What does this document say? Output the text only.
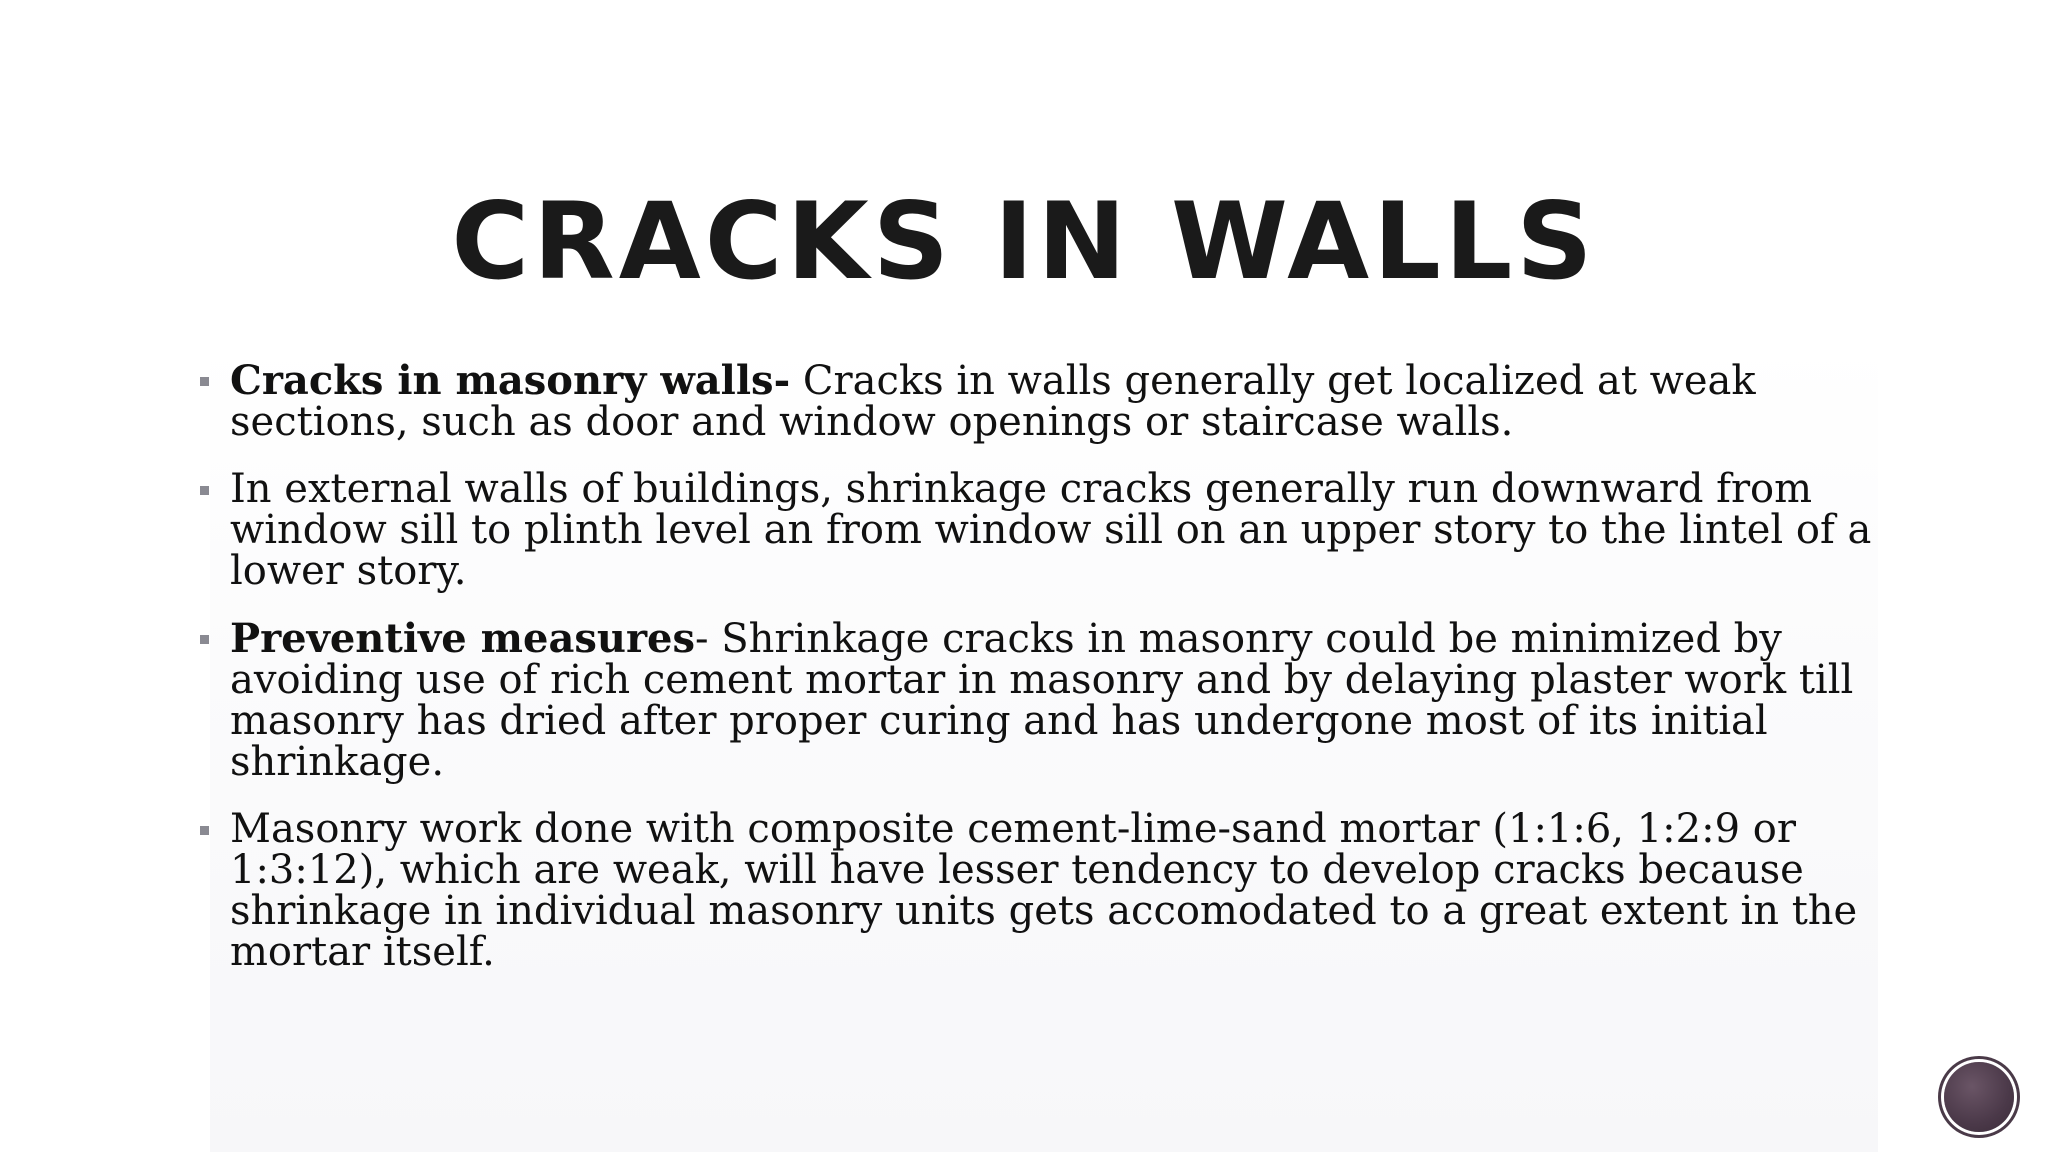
CRACKS IN WALLS
Cracks in masonry walls- Cracks in walls generally get localized at weak sections, such as door and window openings or staircase walls.
In external walls of buildings, shrinkage cracks generally run downward from window sill to plinth level an from window sill on an upper story to the lintel of a lower story.
Preventive measures- Shrinkage cracks in masonry could be minimized by avoiding use of rich cement mortar in masonry and by delaying plaster work till masonry has dried after proper curing and has undergone most of its initial shrinkage.
Masonry work done with composite cement-lime-sand mortar (1:1:6, 1:2:9 or 1:3:12), which are weak, will have lesser tendency to develop cracks because shrinkage in individual masonry units gets accomodated to a great extent in the mortar itself.
